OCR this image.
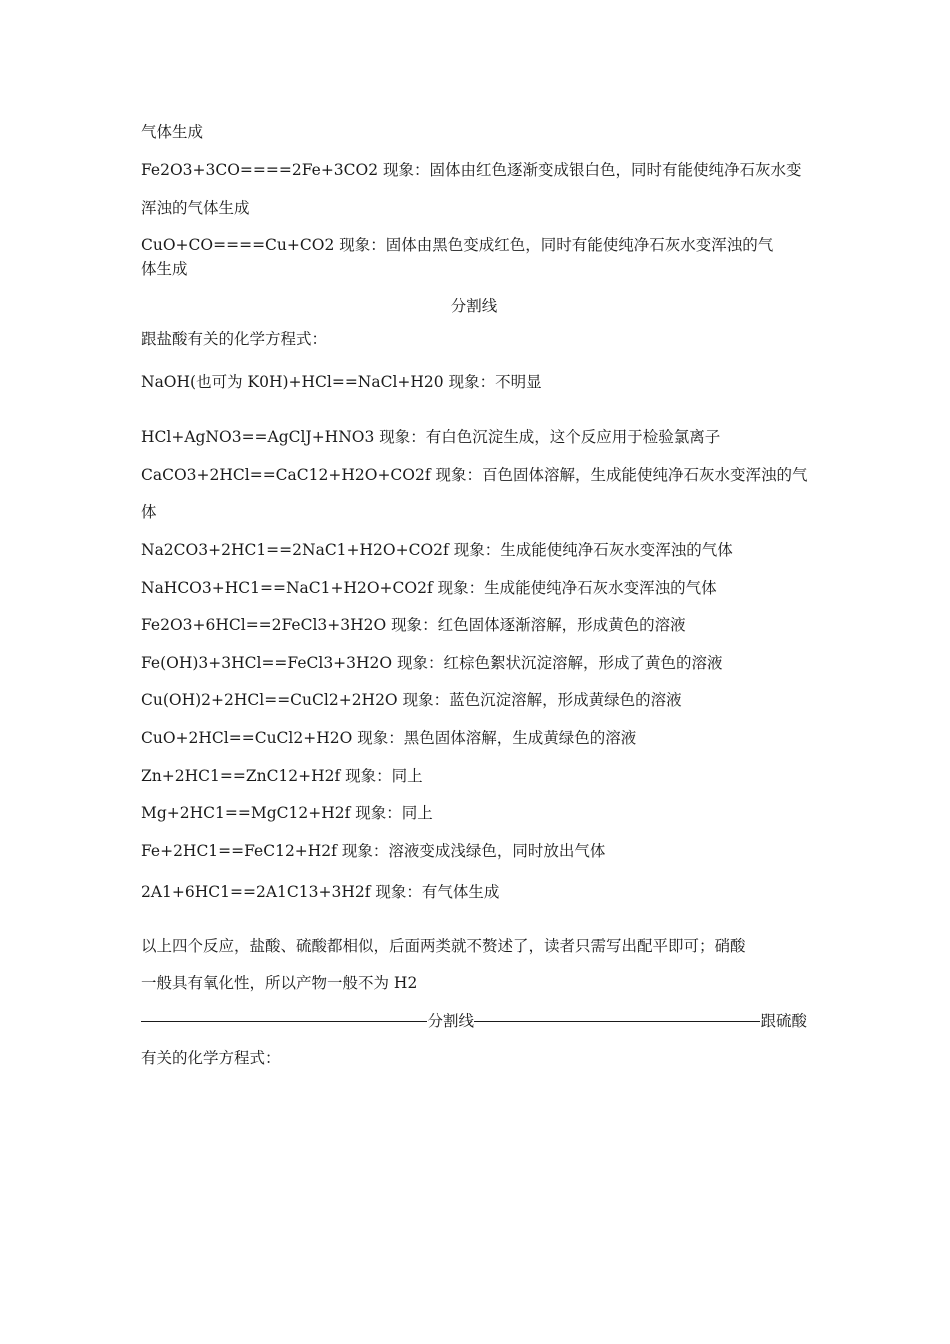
气体生成
Fe2O3+3CO====2Fe+3CO2 现象：固体由红色逐渐变成银白色，同时有能使纯净石灰水变
浑浊的气体生成
CuO+CO====Cu+CO2 现象：固体由黑色变成红色，同时有能使纯净石灰水变浑浊的气
体生成
分割线
跟盐酸有关的化学方程式：
NaOH(也可为 K0H)+HCl==NaCl+H20 现象：不明显
HCl+AgNO3==AgClJ+HNO3 现象：有白色沉淀生成，这个反应用于检验氯离子
CaCO3+2HCl==CaC12+H2O+CO2f 现象：百色固体溶解，生成能使纯净石灰水变浑浊的气
体
Na2CO3+2HC1==2NaC1+H2O+CO2f 现象：生成能使纯净石灰水变浑浊的气体
NaHCO3+HC1==NaC1+H2O+CO2f 现象：生成能使纯净石灰水变浑浊的气体
Fe2O3+6HCl==2FeCl3+3H2O 现象：红色固体逐渐溶解，形成黄色的溶液
Fe(OH)3+3HCl==FeCl3+3H2O 现象：红棕色絮状沉淀溶解，形成了黄色的溶液
Cu(OH)2+2HCl==CuCl2+2H2O 现象：蓝色沉淀溶解，形成黄绿色的溶液
CuO+2HCl==CuCl2+H2O 现象：黑色固体溶解，生成黄绿色的溶液
Zn+2HC1==ZnC12+H2f 现象：同上
Mg+2HC1==MgC12+H2f 现象：同上
Fe+2HC1==FeC12+H2f 现象：溶液变成浅绿色，同时放出气体
2A1+6HC1==2A1C13+3H2f 现象：有气体生成
以上四个反应，盐酸、硫酸都相似，后面两类就不赘述了，读者只需写出配平即可；硝酸
一般具有氧化性，所以产物一般不为 H2
分割线	跟硫酸
有关的化学方程式：
